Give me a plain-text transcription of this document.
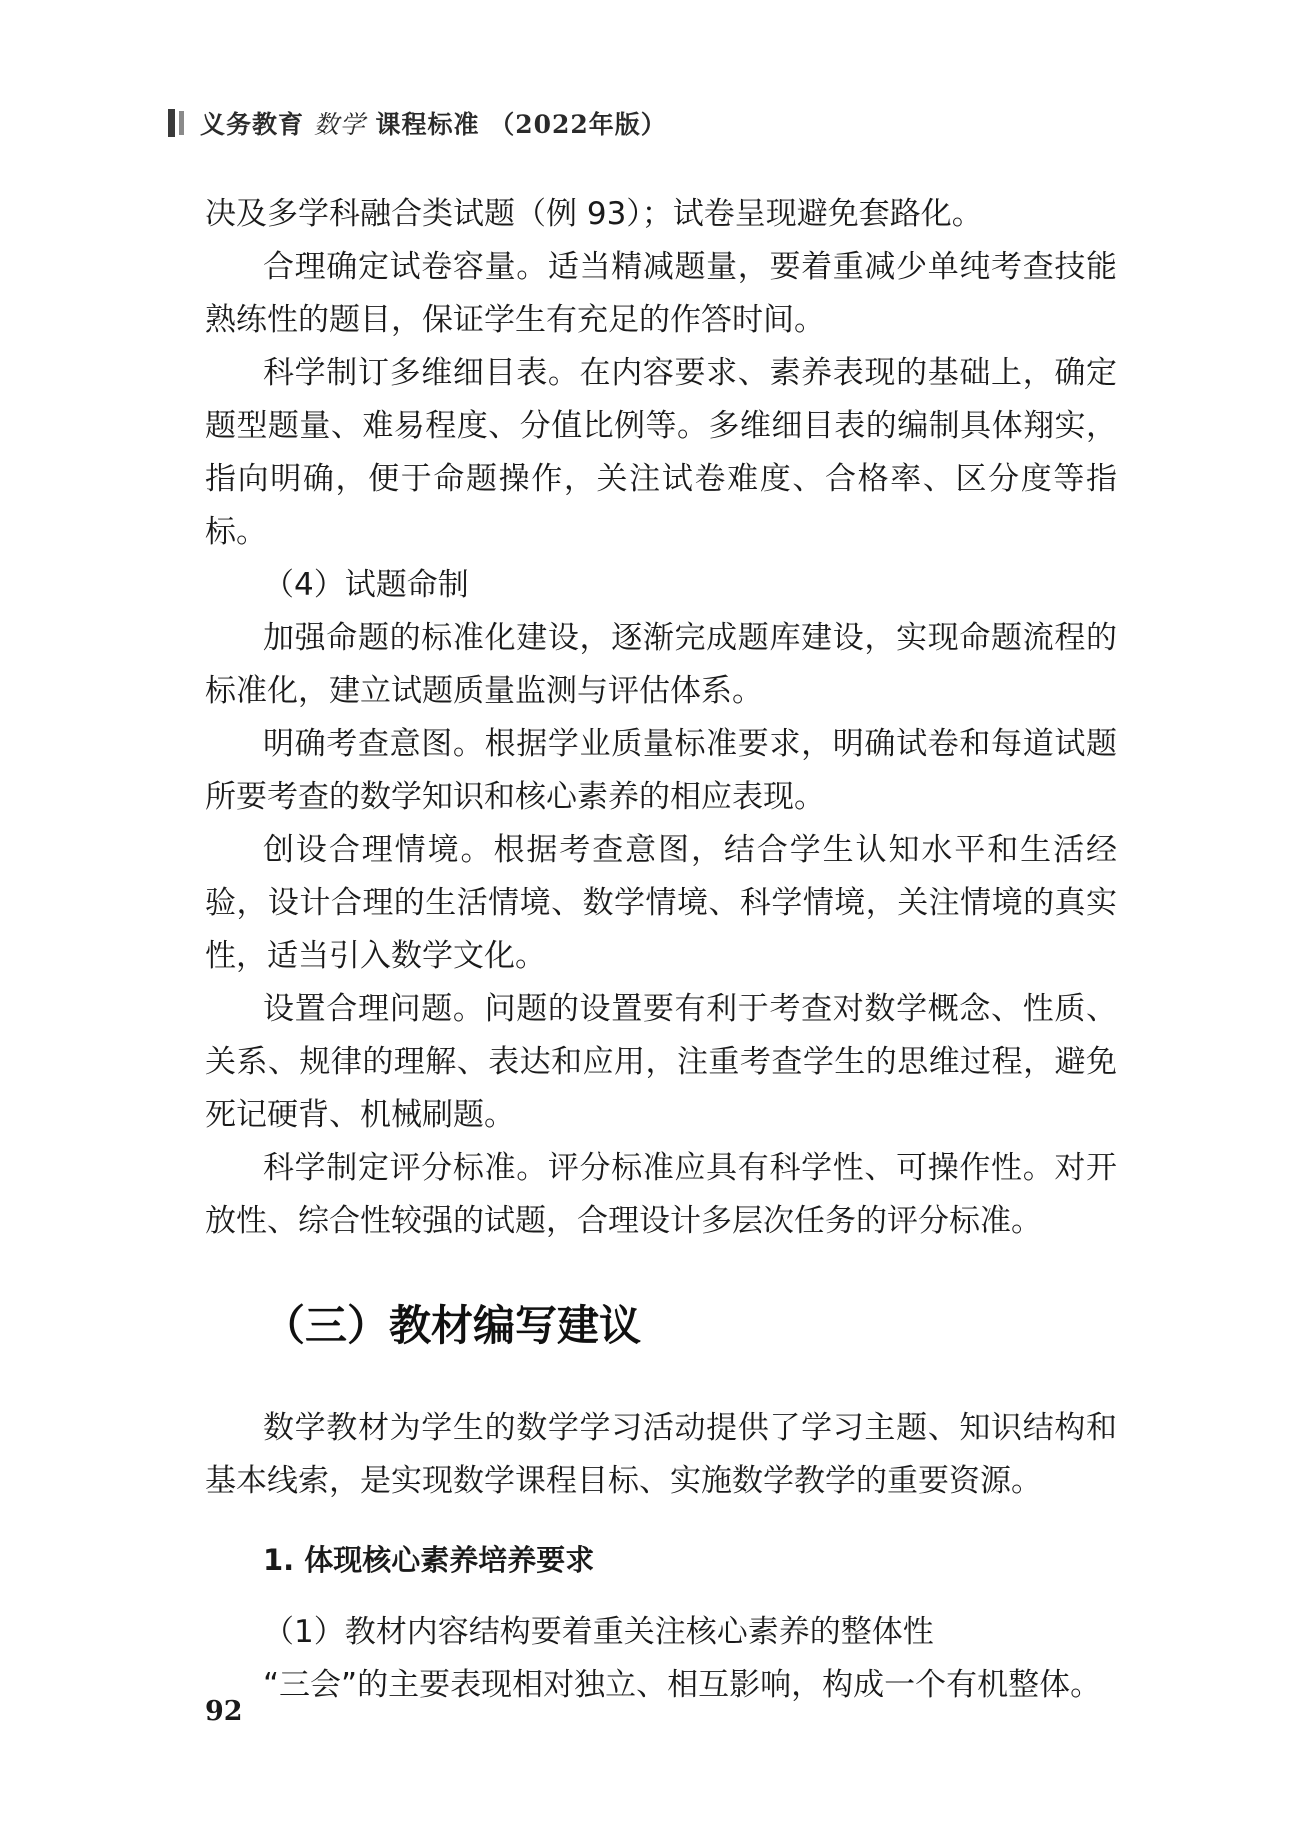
义务教育 数学 课程标准 （2022年版）

决及多学科融合类试题（例 93）；试卷呈现避免套路化。

合理确定试卷容量。适当精减题量，要着重减少单纯考查技能熟练性的题目，保证学生有充足的作答时间。

科学制订多维细目表。在内容要求、素养表现的基础上，确定题型题量、难易程度、分值比例等。多维细目表的编制具体翔实，指向明确，便于命题操作，关注试卷难度、合格率、区分度等指标。

（4）试题命制

加强命题的标准化建设，逐渐完成题库建设，实现命题流程的标准化，建立试题质量监测与评估体系。

明确考查意图。根据学业质量标准要求，明确试卷和每道试题所要考查的数学知识和核心素养的相应表现。

创设合理情境。根据考查意图，结合学生认知水平和生活经验，设计合理的生活情境、数学情境、科学情境，关注情境的真实性，适当引入数学文化。

设置合理问题。问题的设置要有利于考查对数学概念、性质、关系、规律的理解、表达和应用，注重考查学生的思维过程，避免死记硬背、机械刷题。

科学制定评分标准。评分标准应具有科学性、可操作性。对开放性、综合性较强的试题，合理设计多层次任务的评分标准。

（三）教材编写建议

数学教材为学生的数学学习活动提供了学习主题、知识结构和基本线索，是实现数学课程目标、实施数学教学的重要资源。

1. 体现核心素养培养要求

（1）教材内容结构要着重关注核心素养的整体性

“三会”的主要表现相对独立、相互影响，构成一个有机整体。

92
